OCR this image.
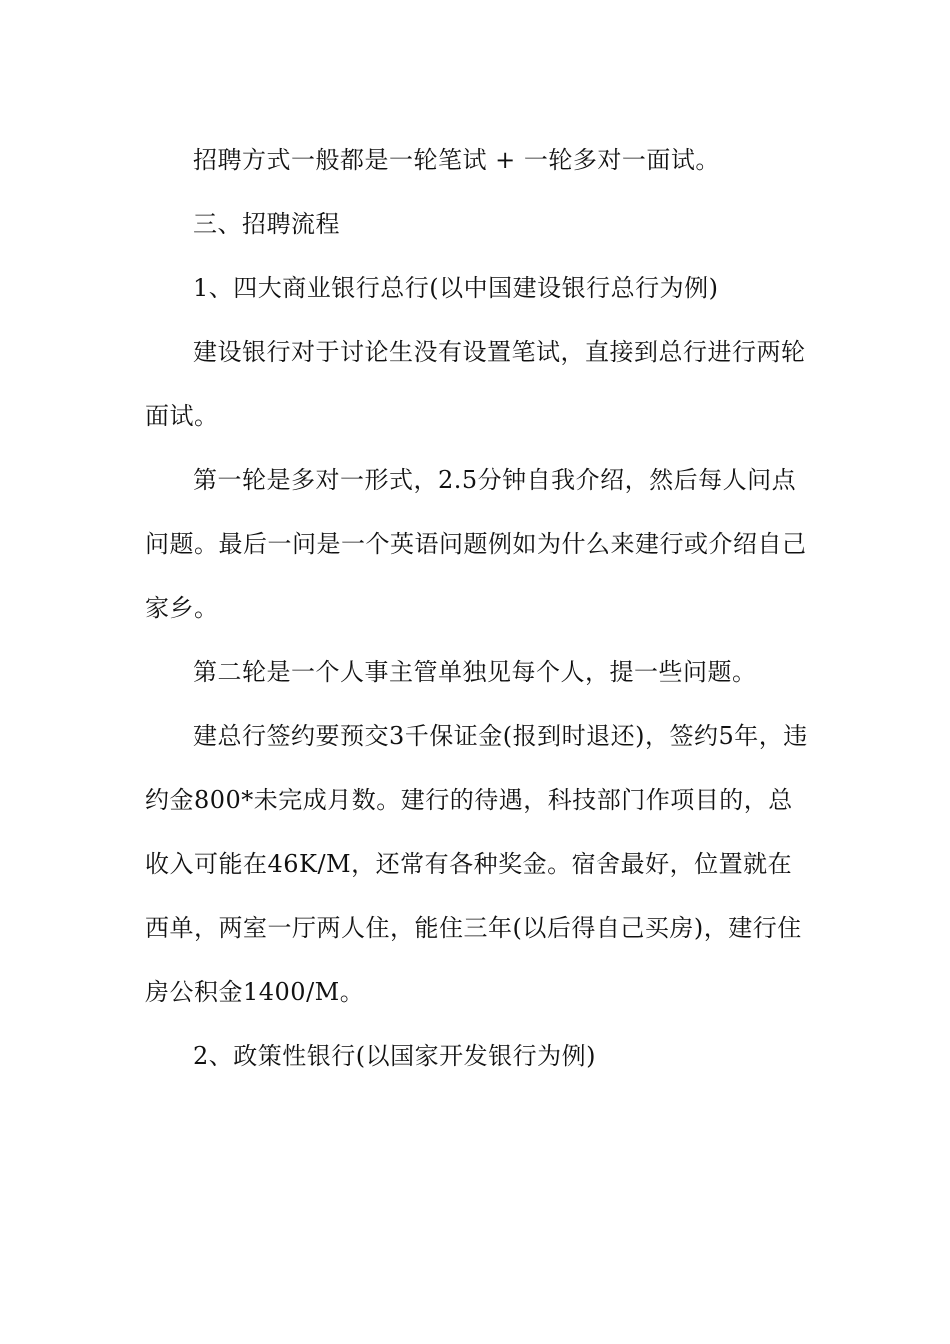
招聘方式一般都是一轮笔试 + 一轮多对一面试。

三、招聘流程

1、四大商业银行总行(以中国建设银行总行为例)

建设银行对于讨论生没有设置笔试，直接到总行进行两轮面试。

第一轮是多对一形式，2.5分钟自我介绍，然后每人问点问题。最后一问是一个英语问题例如为什么来建行或介绍自己家乡。

第二轮是一个人事主管单独见每个人，提一些问题。

建总行签约要预交3千保证金(报到时退还)，签约5年，违约金800*未完成月数。建行的待遇，科技部门作项目的，总收入可能在46K/M，还常有各种奖金。宿舍最好，位置就在西单，两室一厅两人住，能住三年(以后得自己买房)，建行住房公积金1400/M。

2、政策性银行(以国家开发银行为例)
